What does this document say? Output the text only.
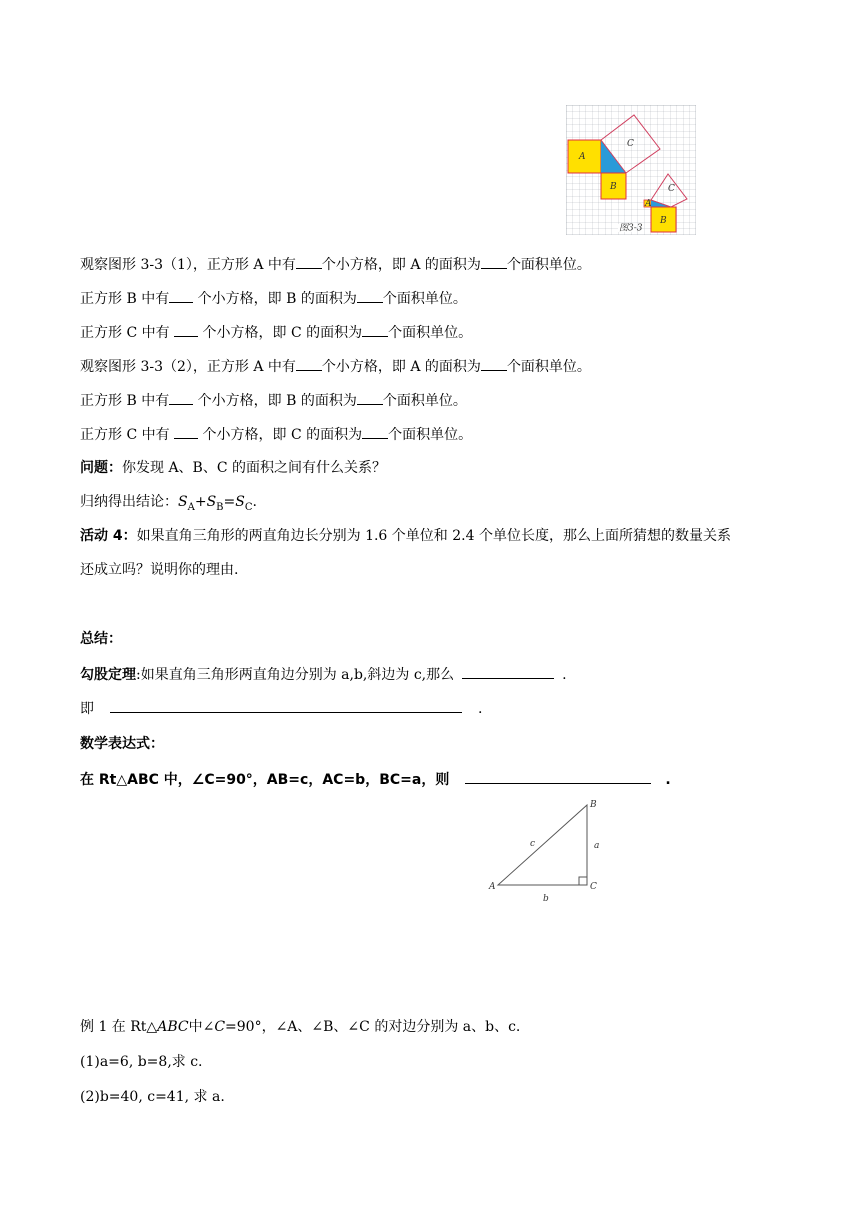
A
B
C
A
B
C
图3-3
观察图形 3-3（1），正方形 A 中有 个小方格，即 A 的面积为 个面积单位。
正方形 B 中有 个小方格，即 B 的面积为 个面积单位。
正方形 C 中有  个小方格，即 C 的面积为 个面积单位。
观察图形 3-3（2），正方形 A 中有 个小方格，即 A 的面积为 个面积单位。
正方形 B 中有 个小方格，即 B 的面积为 个面积单位。
正方形 C 中有  个小方格，即 C 的面积为 个面积单位。
问题：你发现 A、B、C 的面积之间有什么关系？
归纳得出结论：$S_A+S_B=S_C$.
活动 4：如果直角三角形的两直角边长分别为 1.6 个单位和 2.4 个单位长度，那么上面所猜想的数量关系
还成立吗？说明你的理由.
总结：
勾股定理:如果直角三角形两直角边分别为 a,b,斜边为 c,那么	.
即	.
数学表达式：
在 Rt△ABC 中，∠C=90°，AB=c，AC=b，BC=a，则	.
A
B
C
a
b
c
例 1 在 Rt△ABC中∠C=90°，∠A、∠B、∠C 的对边分别为 a、b、c.
(1)a=6, b=8,求 c.
(2)b=40, c=41, 求 a.
